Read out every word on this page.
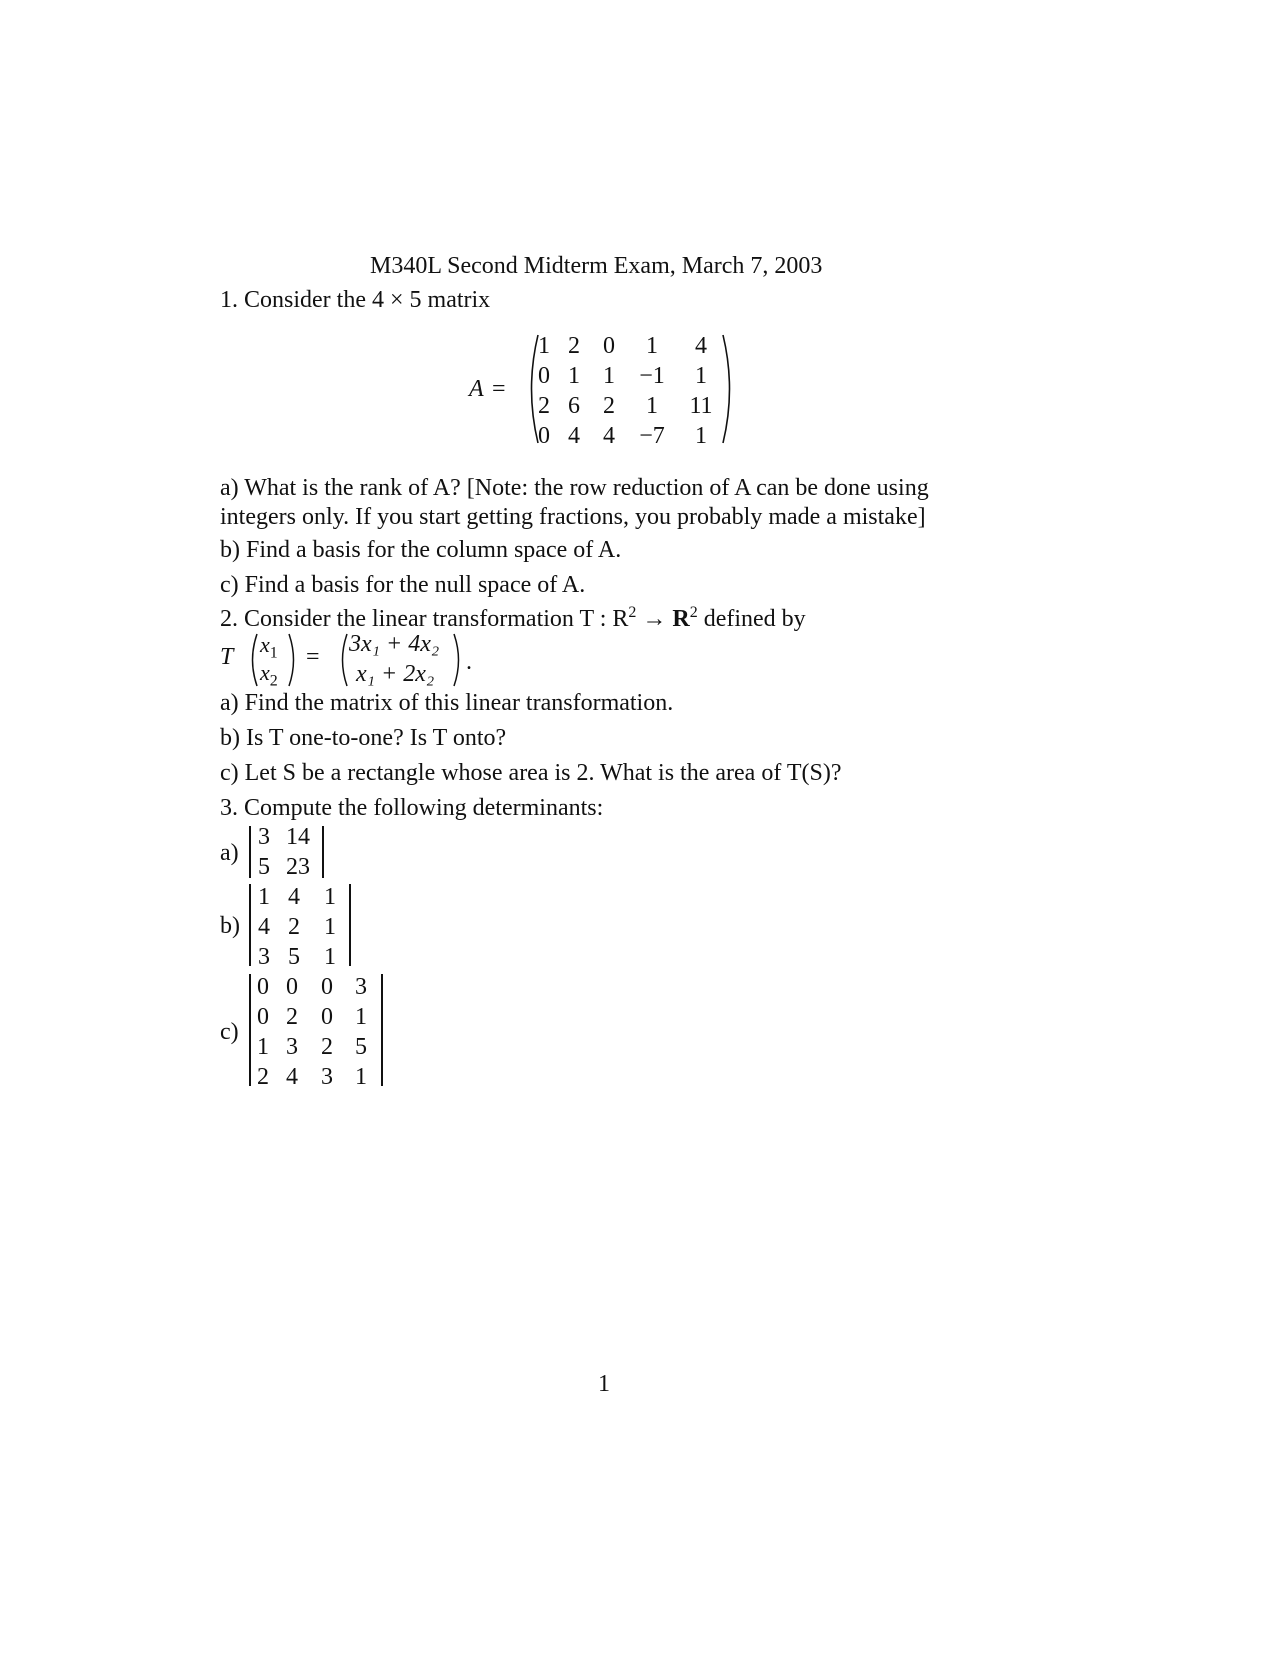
M340L Second Midterm Exam, March 7, 2003
1. Consider the 4 × 5 matrix
A =
1	2	0	1	4
0	1	1	−1	1
2	6	2	1	11
0	4	4	−7	1
a) What is the rank of A? [Note: the row reduction of A can be done using
integers only. If you start getting fractions, you probably made a mistake]
b) Find a basis for the column space of A.
c) Find a basis for the null space of A.
2. Consider the linear transformation T : $R^2 \to R^2$ defined by
T $x_1$
$x_2$
= 3x₁ + 4x₂
x₁ + 2x₂ .
a) Find the matrix of this linear transformation.
b) Is T one-to-one? Is T onto?
c) Let S be a rectangle whose area is 2. What is the area of T(S)?
3. Compute the following determinants:
a)
3	14
5	23
b)
1	4	1
4	2	1
3	5	1
c)
0	0	0	3
0	2	0	1
1	3	2	5
2	4	3	1
1
